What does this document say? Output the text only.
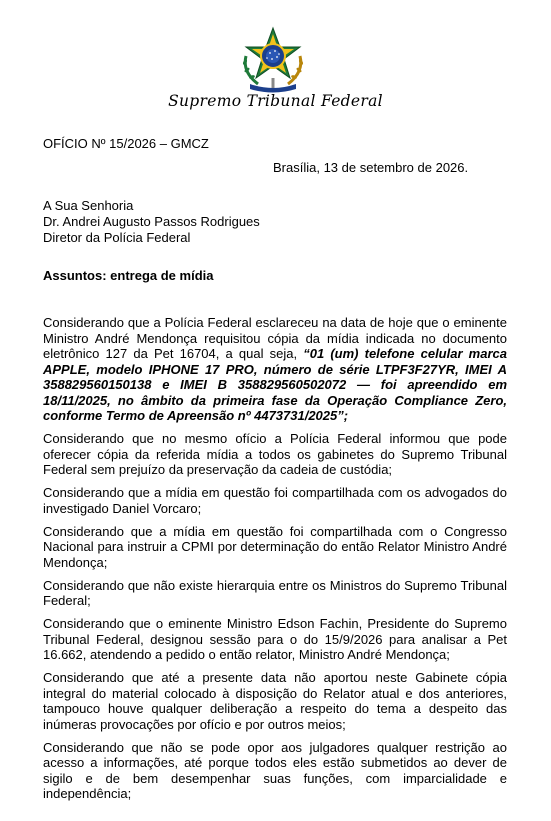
Supremo Tribunal Federal
OFÍCIO Nº 15/2026 – GMCZ
Brasília, 13 de setembro de 2026.
A Sua Senhoria
Dr. Andrei Augusto Passos Rodrigues
Diretor da Polícia Federal
Assuntos: entrega de mídia

Considerando que a Polícia Federal esclareceu na data de hoje que o eminente Ministro André Mendonça requisitou cópia da mídia indicada no documento eletrônico 127 da Pet 16704, a qual seja, “01 (um) telefone celular marca APPLE, modelo IPHONE 17 PRO, número de série LTPF3F27YR, IMEI A 358829560150138 e IMEI B 358829560502072 — foi apreendido em 18/11/2025, no âmbito da primeira fase da Operação Compliance Zero, conforme Termo de Apreensão nº 4473731/2025”;

Considerando que no mesmo ofício a Polícia Federal informou que pode oferecer cópia da referida mídia a todos os gabinetes do Supremo Tribunal Federal sem prejuízo da preservação da cadeia de custódia;

Considerando que a mídia em questão foi compartilhada com os advogados do investigado Daniel Vorcaro;

Considerando que a mídia em questão foi compartilhada com o Congresso Nacional para instruir a CPMI por determinação do então Relator Ministro André Mendonça;

Considerando que não existe hierarquia entre os Ministros do Supremo Tribunal Federal;

Considerando que o eminente Ministro Edson Fachin, Presidente do Supremo Tribunal Federal, designou sessão para o do 15/9/2026 para analisar a Pet 16.662, atendendo a pedido o então relator, Ministro André Mendonça;

Considerando que até a presente data não aportou neste Gabinete cópia integral do material colocado à disposição do Relator atual e dos anteriores, tampouco houve qualquer deliberação a respeito do tema a despeito das inúmeras provocações por ofício e por outros meios;

Considerando que não se pode opor aos julgadores qualquer restrição ao acesso a informações, até porque todos eles estão submetidos ao dever de sigilo e de bem desempenhar suas funções, com imparcialidade e independência;
